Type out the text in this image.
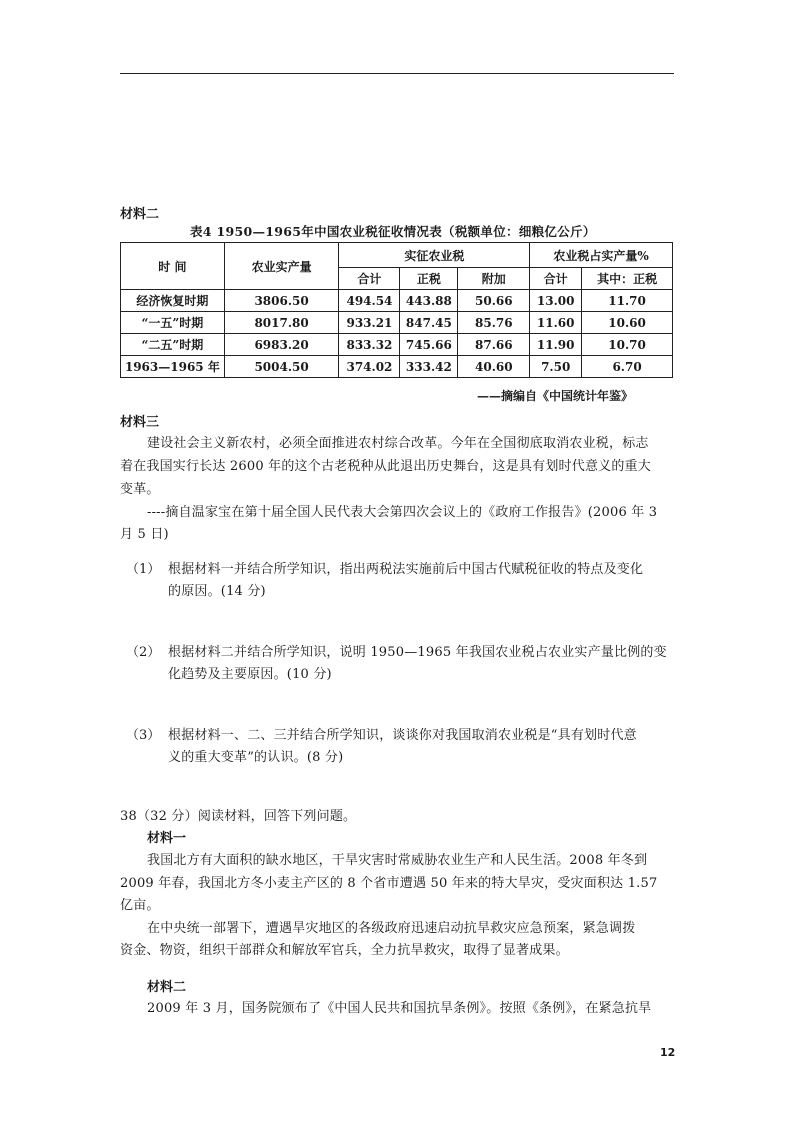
材料二
表4 1950—1965年中国农业税征收情况表（税额单位：细粮亿公斤）
时 间	农业实产量	实征农业税			农业税占实产量%	
		合计	正税	附加	合计	其中：正税
经济恢复时期	3806.50	494.54	443.88	50.66	13.00	11.70
“一五”时期	8017.80	933.21	847.45	85.76	11.60	10.60
“二五”时期	6983.20	833.32	745.66	87.66	11.90	10.70
1963—1965 年	5004.50	374.02	333.42	40.60	7.50	6.70
——摘编自《中国统计年鉴》
材料三
建设社会主义新农村，必须全面推进农村综合改革。今年在全国彻底取消农业税，标志
着在我国实行长达 2600 年的这个古老税种从此退出历史舞台，这是具有划时代意义的重大
变革。
----摘自温家宝在第十届全国人民代表大会第四次会议上的《政府工作报告》(2006 年 3
月 5 日)
（1） 根据材料一并结合所学知识，指出两税法实施前后中国古代赋税征收的特点及变化
的原因。(14 分)
（2） 根据材料二并结合所学知识，说明 1950—1965 年我国农业税占农业实产量比例的变
化趋势及主要原因。(10 分)
（3） 根据材料一、二、三并结合所学知识，谈谈你对我国取消农业税是“具有划时代意
义的重大变革”的认识。(8 分)
38（32 分）阅读材料，回答下列问题。
材料一
我国北方有大面积的缺水地区，干旱灾害时常威胁农业生产和人民生活。2008 年冬到
2009 年春，我国北方冬小麦主产区的 8 个省市遭遇 50 年来的特大旱灾，受灾面积达 1.57
亿亩。
在中央统一部署下，遭遇旱灾地区的各级政府迅速启动抗旱救灾应急预案，紧急调拨
资金、物资，组织干部群众和解放军官兵，全力抗旱救灾，取得了显著成果。
材料二
2009 年 3 月，国务院颁布了《中国人民共和国抗旱条例》。按照《条例》，在紧急抗旱
12
